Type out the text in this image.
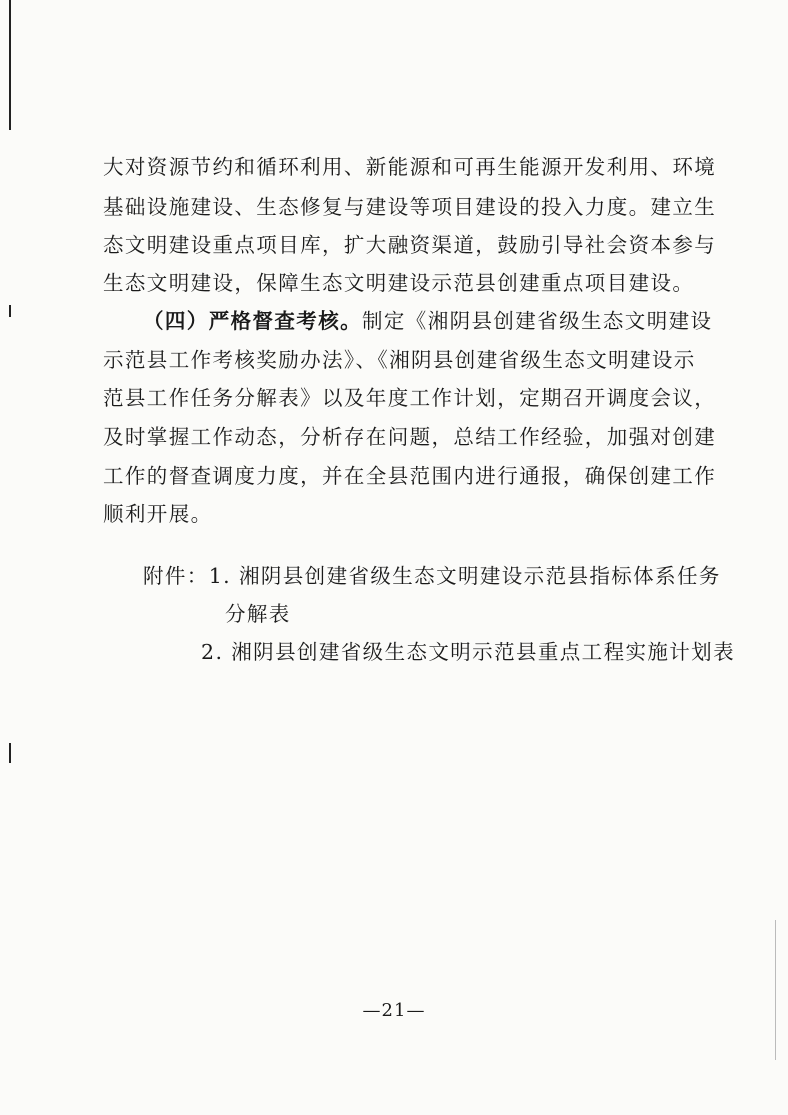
大对资源节约和循环利用、新能源和可再生能源开发利用、环境
基础设施建设、生态修复与建设等项目建设的投入力度。建立生
态文明建设重点项目库，扩大融资渠道，鼓励引导社会资本参与
生态文明建设，保障生态文明建设示范县创建重点项目建设。
（四）严格督查考核。制定《湘阴县创建省级生态文明建设
示范县工作考核奖励办法》、《湘阴县创建省级生态文明建设示
范县工作任务分解表》以及年度工作计划，定期召开调度会议，
及时掌握工作动态，分析存在问题，总结工作经验，加强对创建
工作的督查调度力度，并在全县范围内进行通报，确保创建工作
顺利开展。
附件：1. 湘阴县创建省级生态文明建设示范县指标体系任务
分解表
2. 湘阴县创建省级生态文明示范县重点工程实施计划表
—21—
